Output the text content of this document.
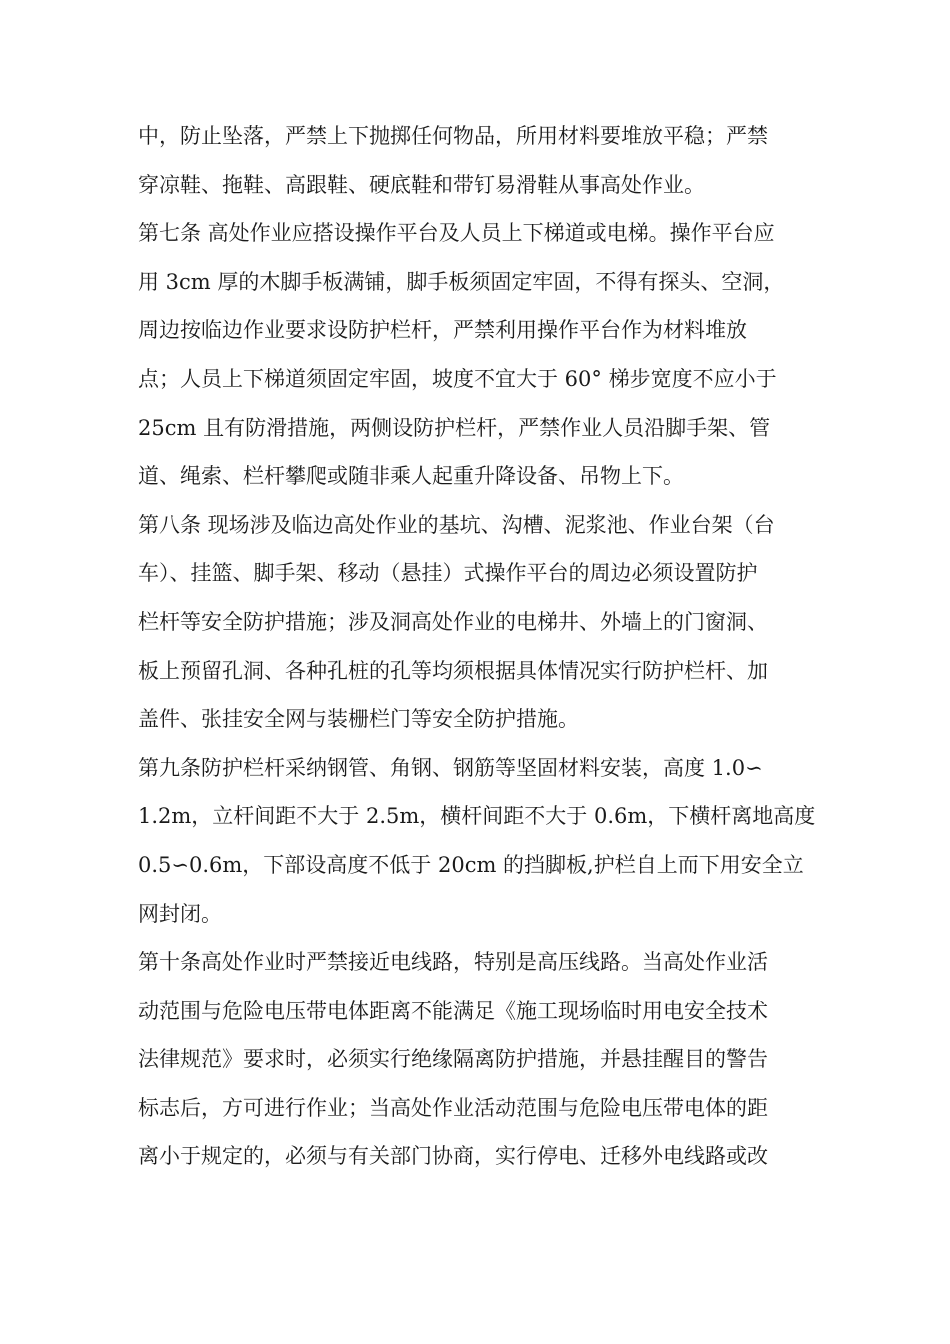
中，防止坠落，严禁上下抛掷任何物品，所用材料要堆放平稳；严禁
穿凉鞋、拖鞋、高跟鞋、硬底鞋和带钉易滑鞋从事高处作业。
第七条 高处作业应搭设操作平台及人员上下梯道或电梯。操作平台应
用 3cm 厚的木脚手板满铺，脚手板须固定牢固，不得有探头、空洞，
周边按临边作业要求设防护栏杆，严禁利用操作平台作为材料堆放
点；人员上下梯道须固定牢固，坡度不宜大于 60° 梯步宽度不应小于
25cm 且有防滑措施，两侧设防护栏杆，严禁作业人员沿脚手架、管
道、绳索、栏杆攀爬或随非乘人起重升降设备、吊物上下。
第八条 现场涉及临边高处作业的基坑、沟槽、泥浆池、作业台架（台
车）、挂篮、脚手架、移动（悬挂）式操作平台的周边必须设置防护
栏杆等安全防护措施；涉及洞高处作业的电梯井、外墙上的门窗洞、
板上预留孔洞、各种孔桩的孔等均须根据具体情况实行防护栏杆、加
盖件、张挂安全网与装栅栏门等安全防护措施。
第九条防护栏杆采纳钢管、角钢、钢筋等坚固材料安装，高度 1.0∽
1.2m，立杆间距不大于 2.5m，横杆间距不大于 0.6m，下横杆离地高度
0.5∽0.6m，下部设高度不低于 20cm 的挡脚板,护栏自上而下用安全立
网封闭。
第十条高处作业时严禁接近电线路，特别是高压线路。当高处作业活
动范围与危险电压带电体距离不能满足《施工现场临时用电安全技术
法律规范》要求时，必须实行绝缘隔离防护措施，并悬挂醒目的警告
标志后，方可进行作业；当高处作业活动范围与危险电压带电体的距
离小于规定的，必须与有关部门协商，实行停电、迁移外电线路或改
